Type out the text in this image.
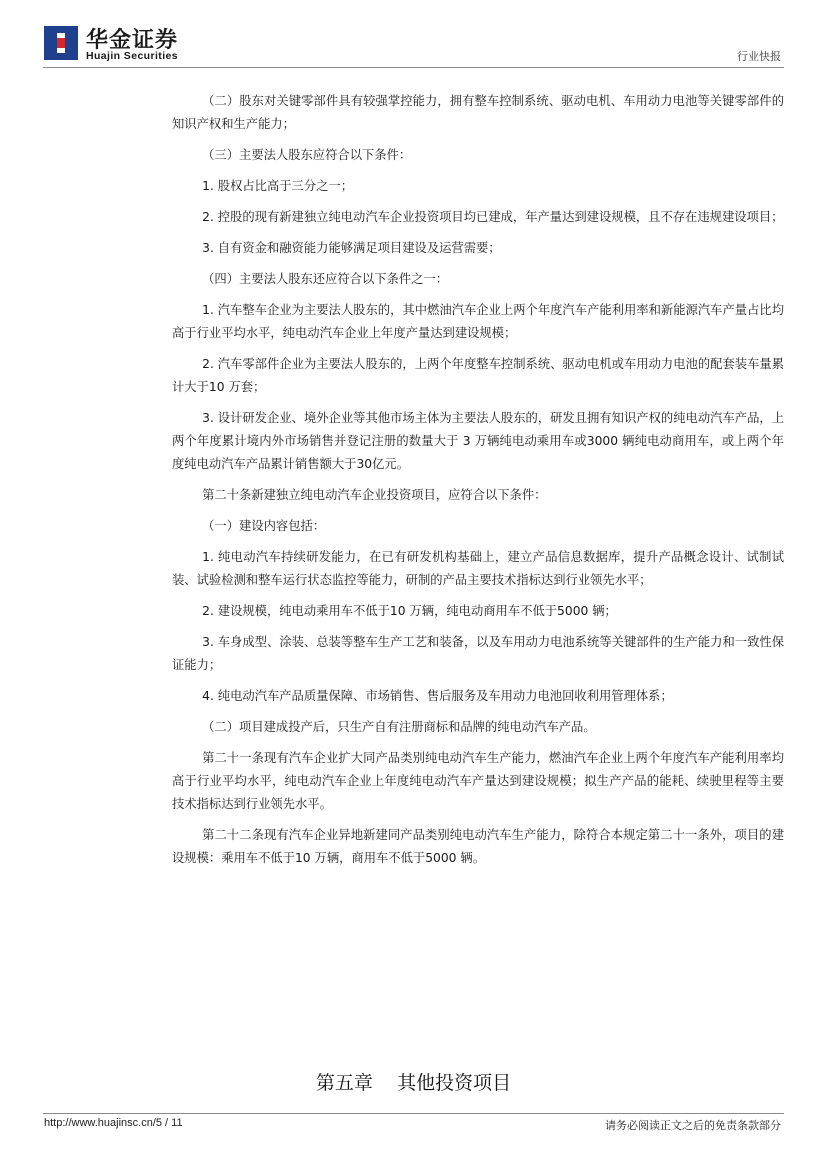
华金证券
Huajin Securities	行业快报

（二）股东对关键零部件具有较强掌控能力，拥有整车控制系统、驱动电机、车用动力电池等关键零部件的知识产权和生产能力；

（三）主要法人股东应符合以下条件：

1. 股权占比高于三分之一；

2. 控股的现有新建独立纯电动汽车企业投资项目均已建成，年产量达到建设规模，且不存在违规建设项目；

3. 自有资金和融资能力能够满足项目建设及运营需要；

（四）主要法人股东还应符合以下条件之一：

1. 汽车整车企业为主要法人股东的，其中燃油汽车企业上两个年度汽车产能利用率和新能源汽车产量占比均高于行业平均水平，纯电动汽车企业上年度产量达到建设规模；

2. 汽车零部件企业为主要法人股东的，上两个年度整车控制系统、驱动电机或车用动力电池的配套装车量累计大于10 万套；

3. 设计研发企业、境外企业等其他市场主体为主要法人股东的，研发且拥有知识产权的纯电动汽车产品，上两个年度累计境内外市场销售并登记注册的数量大于 3 万辆纯电动乘用车或3000 辆纯电动商用车，或上两个年度纯电动汽车产品累计销售额大于30亿元。

第二十条新建独立纯电动汽车企业投资项目，应符合以下条件：

（一）建设内容包括：

1. 纯电动汽车持续研发能力，在已有研发机构基础上，建立产品信息数据库，提升产品概念设计、试制试装、试验检测和整车运行状态监控等能力，研制的产品主要技术指标达到行业领先水平；

2. 建设规模，纯电动乘用车不低于10 万辆，纯电动商用车不低于5000 辆；

3. 车身成型、涂装、总装等整车生产工艺和装备，以及车用动力电池系统等关键部件的生产能力和一致性保证能力；

4. 纯电动汽车产品质量保障、市场销售、售后服务及车用动力电池回收利用管理体系；

（二）项目建成投产后，只生产自有注册商标和品牌的纯电动汽车产品。

第二十一条现有汽车企业扩大同产品类别纯电动汽车生产能力，燃油汽车企业上两个年度汽车产能利用率均高于行业平均水平，纯电动汽车企业上年度纯电动汽车产量达到建设规模；拟生产产品的能耗、续驶里程等主要技术指标达到行业领先水平。

第二十二条现有汽车企业异地新建同产品类别纯电动汽车生产能力，除符合本规定第二十一条外，项目的建设规模：乘用车不低于10 万辆，商用车不低于5000 辆。

第五章    其他投资项目
http://www.huajinsc.cn/5 / 11	请务必阅读正文之后的免责条款部分
